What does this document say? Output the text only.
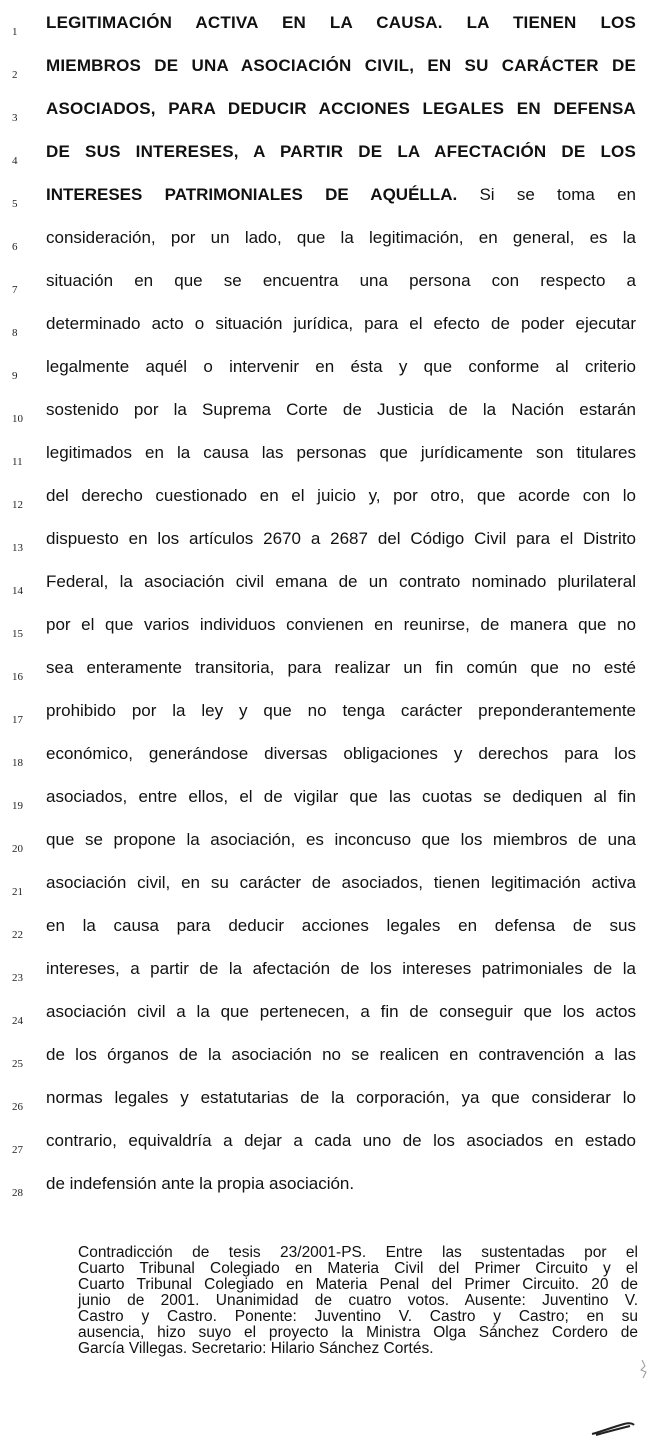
1 LEGITIMACIÓN ACTIVA EN LA CAUSA. LA TIENEN LOS
2 MIEMBROS DE UNA ASOCIACIÓN CIVIL, EN SU CARÁCTER DE
3 ASOCIADOS, PARA DEDUCIR ACCIONES LEGALES EN DEFENSA
4 DE SUS INTERESES, A PARTIR DE LA AFECTACIÓN DE LOS
5 INTERESES PATRIMONIALES DE AQUÉLLA. Si se toma en
6 consideración, por un lado, que la legitimación, en general, es la
7 situación en que se encuentra una persona con respecto a
8 determinado acto o situación jurídica, para el efecto de poder ejecutar
9 legalmente aquél o intervenir en ésta y que conforme al criterio
10 sostenido por la Suprema Corte de Justicia de la Nación estarán
11 legitimados en la causa las personas que jurídicamente son titulares
12 del derecho cuestionado en el juicio y, por otro, que acorde con lo
13 dispuesto en los artículos 2670 a 2687 del Código Civil para el Distrito
14 Federal, la asociación civil emana de un contrato nominado plurilateral
15 por el que varios individuos convienen en reunirse, de manera que no
16 sea enteramente transitoria, para realizar un fin común que no esté
17 prohibido por la ley y que no tenga carácter preponderantemente
18 económico, generándose diversas obligaciones y derechos para los
19 asociados, entre ellos, el de vigilar que las cuotas se dediquen al fin
20 que se propone la asociación, es inconcuso que los miembros de una
21 asociación civil, en su carácter de asociados, tienen legitimación activa
22 en la causa para deducir acciones legales en defensa de sus
23 intereses, a partir de la afectación de los intereses patrimoniales de la
24 asociación civil a la que pertenecen, a fin de conseguir que los actos
25 de los órganos de la asociación no se realicen en contravención a las
26 normas legales y estatutarias de la corporación, ya que considerar lo
27 contrario, equivaldría a dejar a cada uno de los asociados en estado
28 de indefensión ante la propia asociación.
Contradicción de tesis 23/2001-PS. Entre las sustentadas por el
Cuarto Tribunal Colegiado en Materia Civil del Primer Circuito y el
Cuarto Tribunal Colegiado en Materia Penal del Primer Circuito. 20 de
junio de 2001. Unanimidad de cuatro votos. Ausente: Juventino V.
Castro y Castro. Ponente: Juventino V. Castro y Castro; en su
ausencia, hizo suyo el proyecto la Ministra Olga Sánchez Cordero de
García Villegas. Secretario: Hilario Sánchez Cortés.
